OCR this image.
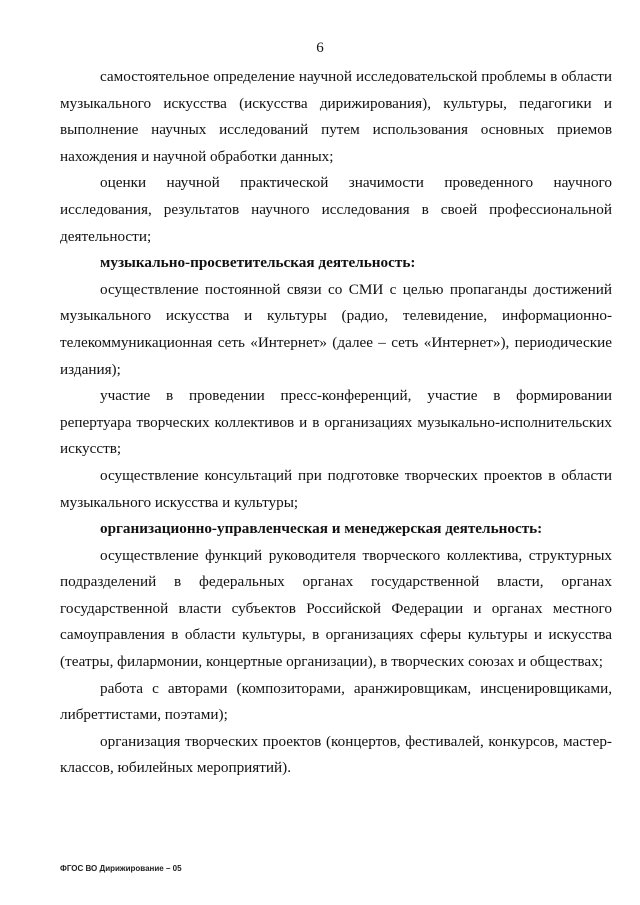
6

самостоятельное определение научной исследовательской проблемы в области музыкального искусства (искусства дирижирования), культуры, педагогики и выполнение научных исследований путем использования основных приемов нахождения и научной обработки данных;

оценки научной практической значимости проведенного научного исследования, результатов научного исследования в своей профессиональной деятельности;

музыкально-просветительская деятельность:

осуществление постоянной связи со СМИ с целью пропаганды достижений музыкального искусства и культуры (радио, телевидение, информационно-телекоммуникационная сеть «Интернет» (далее – сеть «Интернет»), периодические издания);

участие в проведении пресс-конференций, участие в формировании репертуара творческих коллективов и в организациях музыкально-исполнительских искусств;

осуществление консультаций при подготовке творческих проектов в области музыкального искусства и культуры;

организационно-управленческая и менеджерская деятельность:

осуществление функций руководителя творческого коллектива, структурных подразделений в федеральных органах государственной власти, органах государственной власти субъектов Российской Федерации и органах местного самоуправления в области культуры, в организациях сферы культуры и искусства (театры, филармонии, концертные организации), в творческих союзах и обществах;

работа с авторами (композиторами, аранжировщикам, инсценировщиками, либреттистами, поэтами);

организация творческих проектов (концертов, фестивалей, конкурсов, мастер-классов, юбилейных мероприятий).

ФГОС ВО Дирижирование – 05
